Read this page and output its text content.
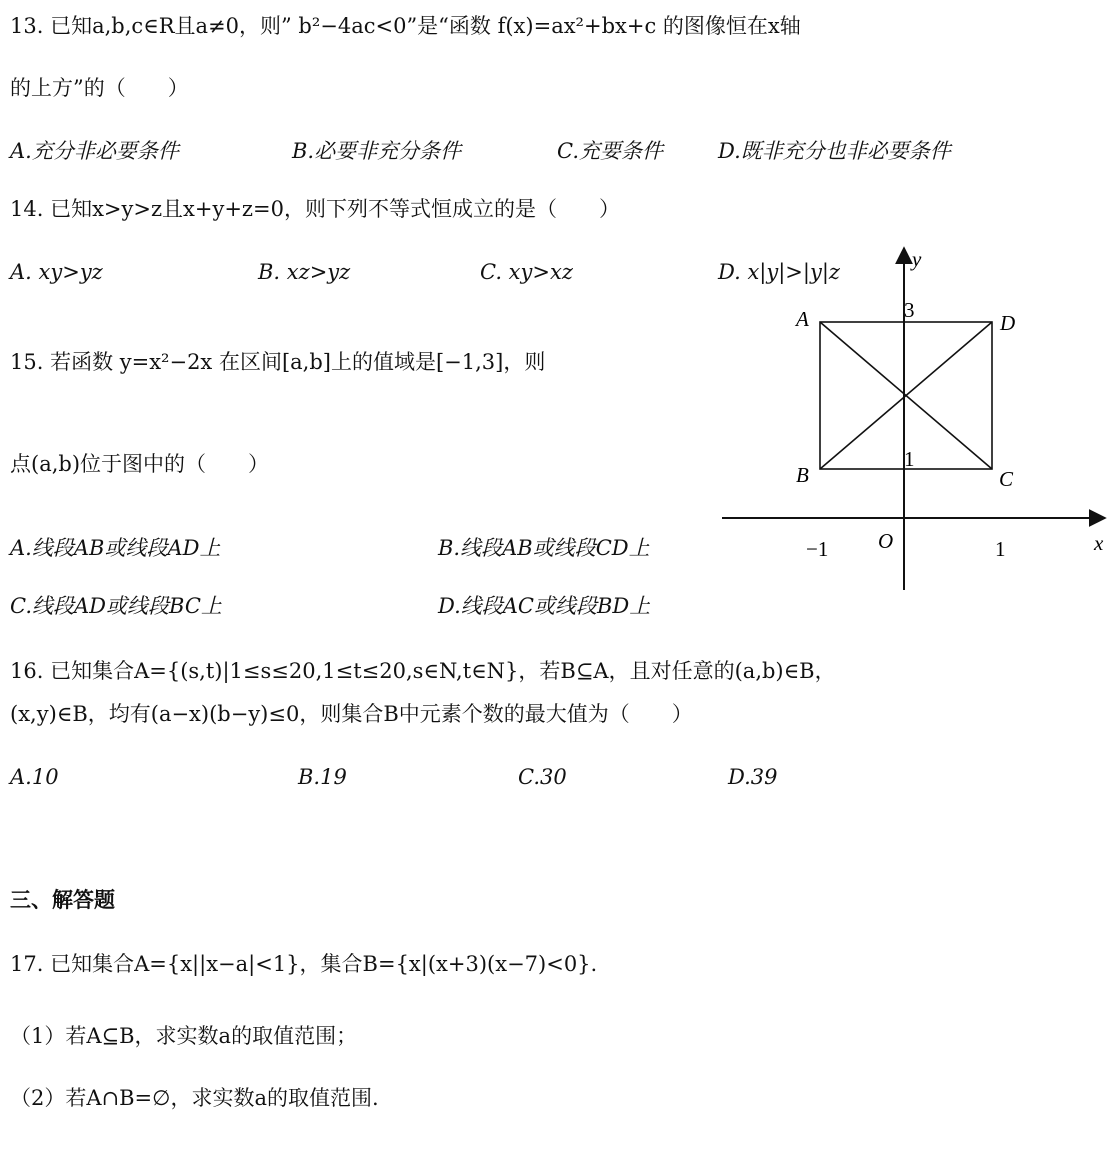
13. 已知a,b,c∈R且a≠0，则” b²−4ac<0”是“函数 f(x)=ax²+bx+c 的图像恒在x轴
的上方”的（　　）
A.充分非必要条件	B.必要非充分条件	C.充要条件	D.既非充分也非必要条件
14. 已知x>y>z且x+y+z=0，则下列不等式恒成立的是（　　）
A. xy>yz	B. xz>yz	C. xy>xz	D. x|y|>|y|z
15. 若函数 y=x²−2x 在区间[a,b]上的值域是[−1,3]，则
点(a,b)位于图中的（　　）
A.线段AB或线段AD上	B.线段AB或线段CD上
C.线段AD或线段BC上	D.线段AC或线段BD上
y
x
O
A	D
B	C
3
1
−1	1
16. 已知集合A={(s,t)|1≤s≤20,1≤t≤20,s∈N,t∈N}，若B⊆A，且对任意的(a,b)∈B，
(x,y)∈B，均有(a−x)(b−y)≤0，则集合B中元素个数的最大值为（　　）
A.10	B.19	C.30	D.39
三、解答题
17. 已知集合A={x||x−a|<1}，集合B={x|(x+3)(x−7)<0}.
（1）若A⊆B，求实数a的取值范围；
（2）若A∩B=∅，求实数a的取值范围.
